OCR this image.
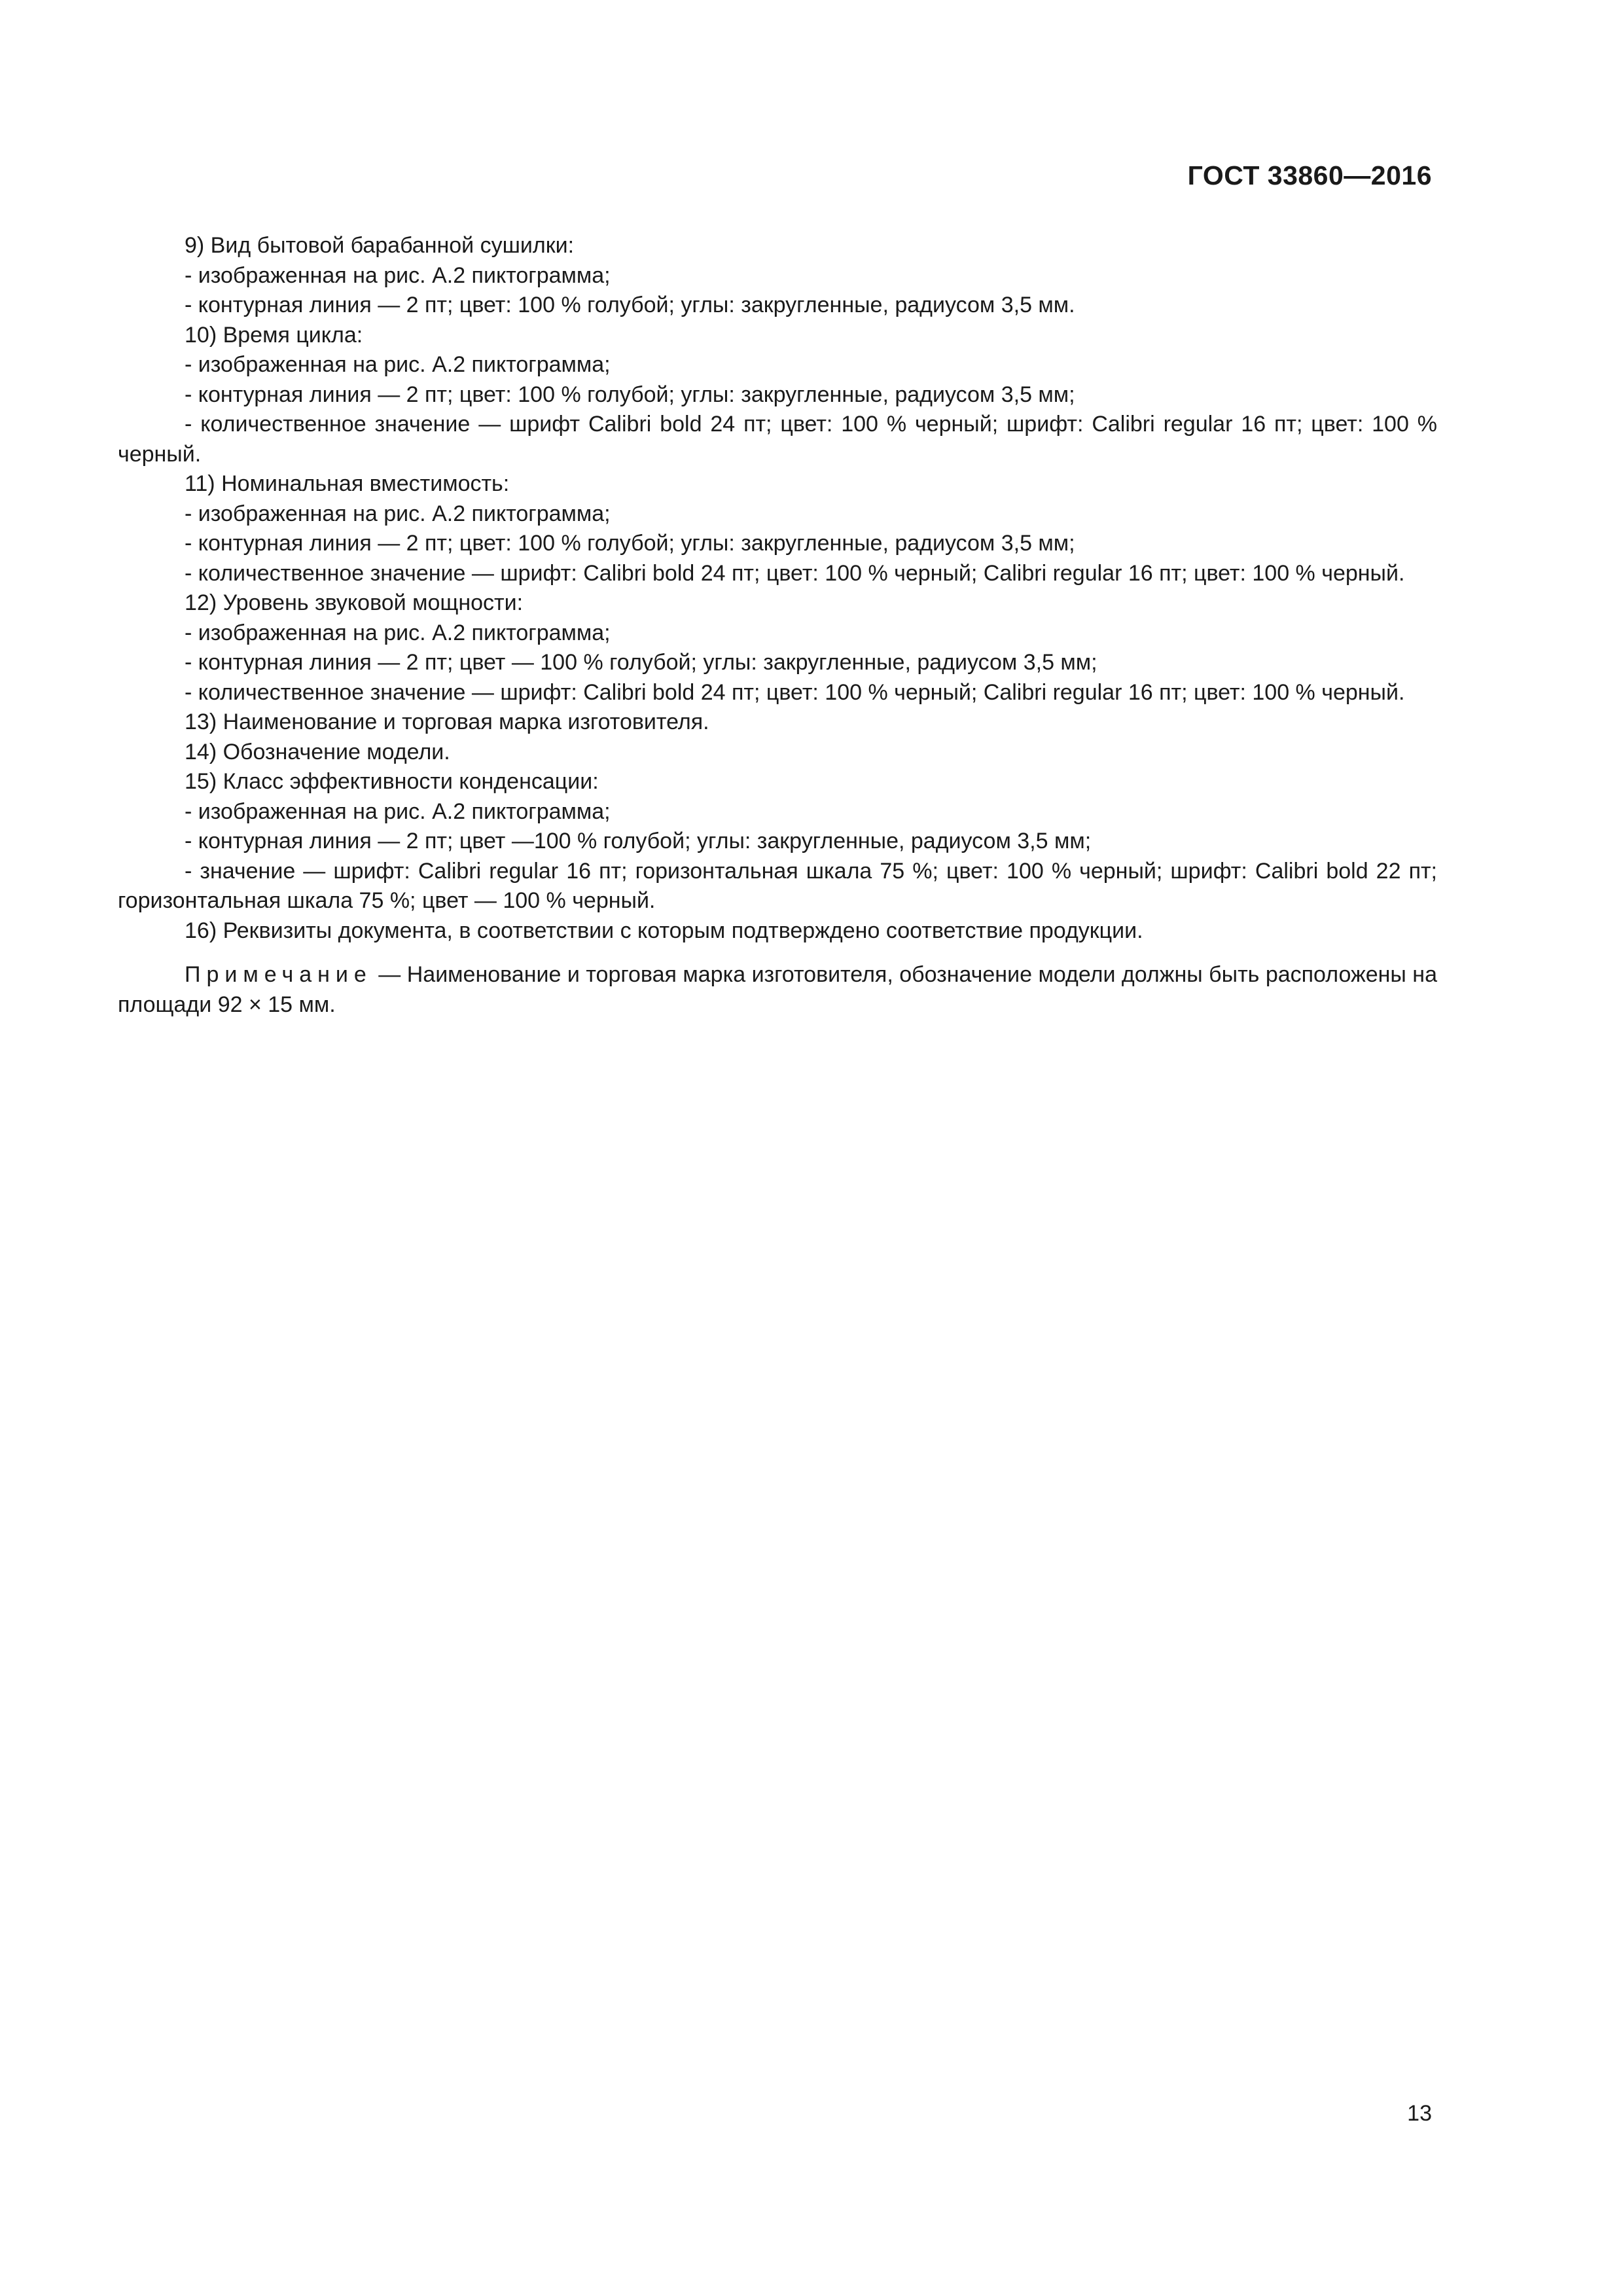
ГОСТ 33860—2016

9) Вид бытовой барабанной сушилки:

- изображенная на рис. А.2 пиктограмма;

- контурная линия — 2 пт; цвет: 100 % голубой; углы: закругленные, радиусом 3,5 мм.

10) Время цикла:

- изображенная на рис. А.2 пиктограмма;

- контурная линия — 2 пт; цвет: 100 % голубой; углы: закругленные, радиусом 3,5 мм;

- количественное значение — шрифт Calibri bold 24 пт; цвет: 100 % черный; шрифт: Calibri regular 16 пт; цвет: 100 % черный.

11) Номинальная вместимость:

- изображенная на рис. А.2 пиктограмма;

- контурная линия — 2 пт; цвет: 100 % голубой; углы: закругленные, радиусом 3,5 мм;

- количественное значение — шрифт: Calibri bold 24 пт; цвет: 100 % черный; Calibri regular 16 пт; цвет: 100 % черный.

12) Уровень звуковой мощности:

- изображенная на рис. А.2 пиктограмма;

- контурная линия — 2 пт; цвет — 100 % голубой; углы: закругленные, радиусом 3,5 мм;

- количественное значение — шрифт: Calibri bold 24 пт; цвет: 100 % черный; Calibri regular 16 пт; цвет: 100 % черный.

13) Наименование и торговая марка изготовителя.

14) Обозначение модели.

15) Класс эффективности конденсации:

- изображенная на рис. А.2 пиктограмма;

- контурная линия — 2 пт; цвет —100 % голубой; углы: закругленные, радиусом 3,5 мм;

- значение — шрифт: Calibri regular 16 пт; горизонтальная шкала 75 %; цвет: 100 % черный; шрифт: Calibri bold 22 пт; горизонтальная шкала 75 %; цвет — 100 % черный.

16) Реквизиты документа, в соответствии с которым подтверждено соответствие продукции.

Примечание — Наименование и торговая марка изготовителя, обозначение модели должны быть расположены на площади 92 × 15 мм.

13
